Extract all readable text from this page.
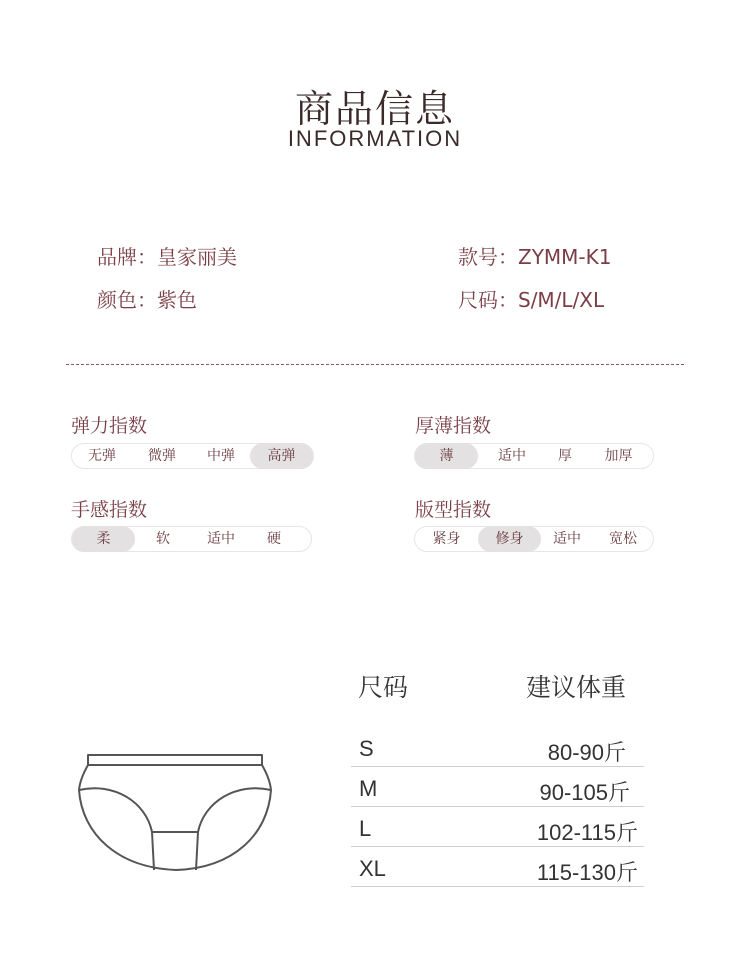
商品信息
INFORMATION
品牌：皇家丽美	款号：ZYMM-K1
颜色：紫色	尺码：S/M/L/XL
弹力指数
无弹	微弹	中弹	高弹
厚薄指数
薄	适中	厚	加厚
手感指数
柔	软	适中	硬
版型指数
紧身	修身	适中	宽松
尺码	建议体重
S	80-90斤
M	90-105斤
L	102-115斤
XL	115-130斤
